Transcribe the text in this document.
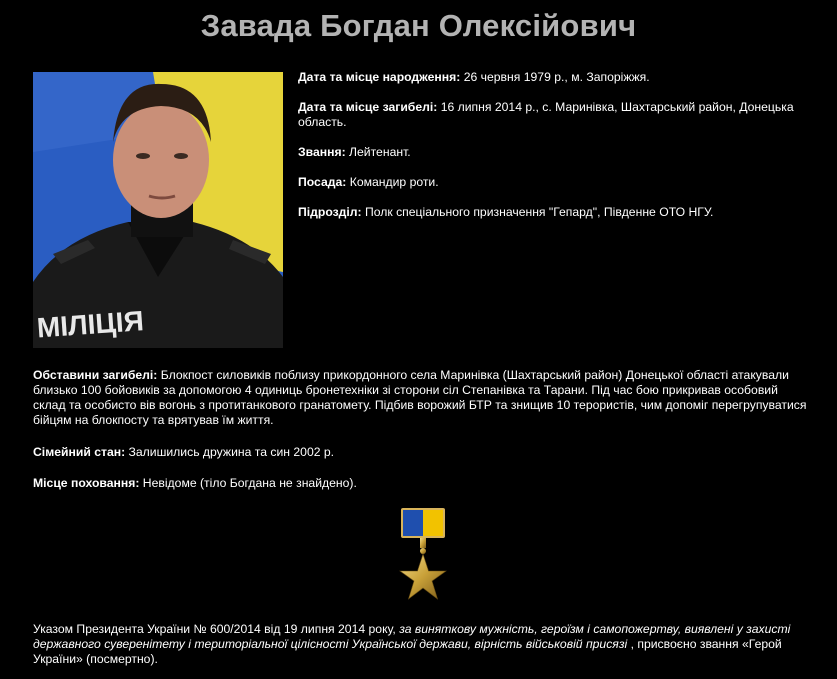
Завада Богдан Олексійович
МІЛІЦІЯ

Дата та місце народження: 26 червня 1979 р., м. Запоріжжя.

Дата та місце загибелі: 16 липня 2014 р., с. Маринівка, Шахтарський район, Донецька область.

Звання: Лейтенант.

Посада: Командир роти.

Підрозділ: Полк спеціального призначення "Гепард", Південне ОТО НГУ.

Обставини загибелі: Блокпост силовиків поблизу прикордонного села Маринівка (Шахтарський район) Донецької області атакували близько 100 бойовиків за допомогою 4 одиниць бронетехніки зі сторони сіл Степанівка та Тарани. Під час бою прикривав особовий склад та особисто вів вогонь з протитанкового гранатомету. Підбив ворожий БТР та знищив 10 терористів, чим допоміг перегрупуватися бійцям на блокпосту та врятував їм життя.

Сімейний стан: Залишились дружина та син 2002 р.

Місце поховання: Невідоме (тіло Богдана не знайдено).

Указом Президента України № 600/2014 від 19 липня 2014 року, за виняткову мужність, героїзм і самопожертву, виявлені у захисті державного суверенітету і територіальної цілісності Української держави, вірність військовій присязі , присвоєно звання «Герой України» (посмертно).
